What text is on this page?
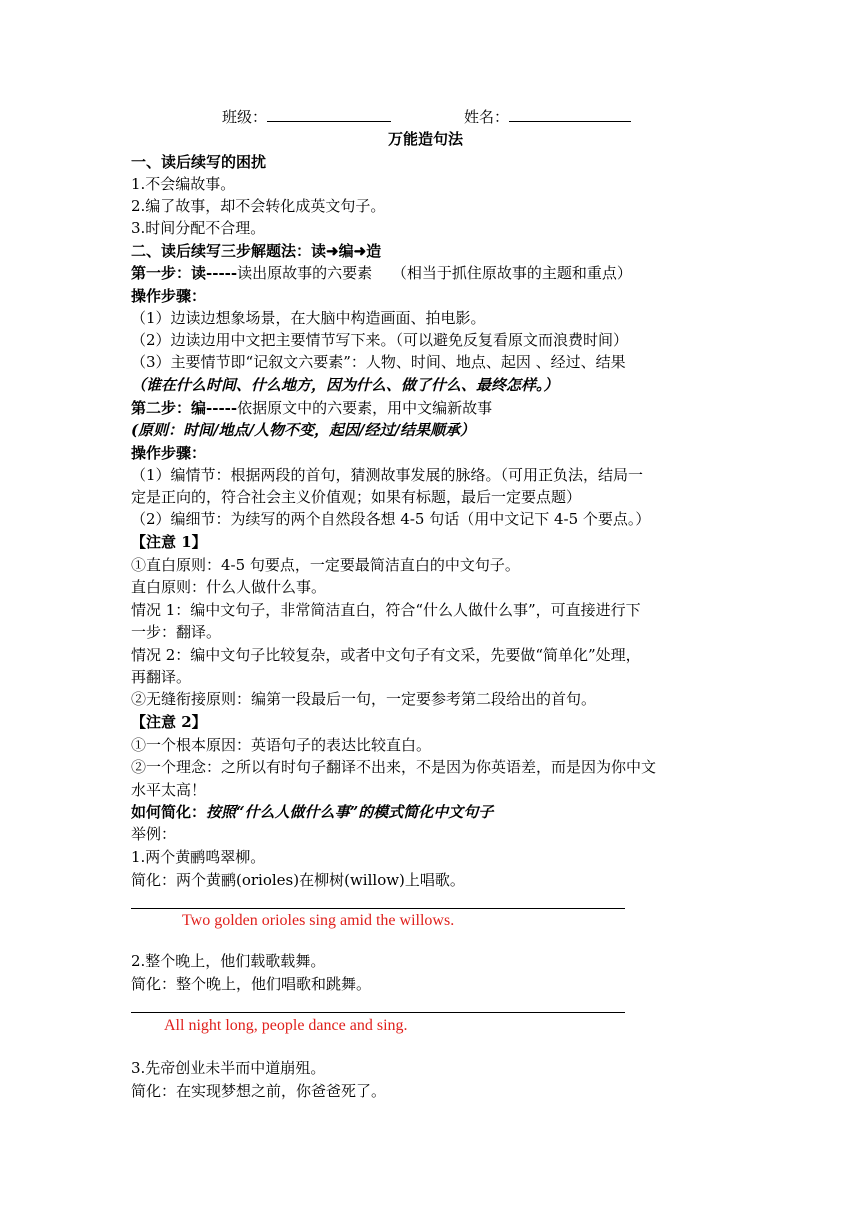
班级：	姓名：
万能造句法
一、读后续写的困扰
1.不会编故事。
2.编了故事，却不会转化成英文句子。
3.时间分配不合理。
二、读后续写三步解题法：读➜编➜造
第一步：读-----读出原故事的六要素　 （相当于抓住原故事的主题和重点）
操作步骤：
（1）边读边想象场景，在大脑中构造画面、拍电影。
（2）边读边用中文把主要情节写下来。（可以避免反复看原文而浪费时间）
（3）主要情节即“记叙文六要素”：人物、时间、地点、起因 、经过、结果
（谁在什么时间、什么地方，因为什么、做了什么、最终怎样。）
第二步：编-----依据原文中的六要素，用中文编新故事
(原则：时间/地点/人物不变，起因/经过/结果顺承）
操作步骤：
（1）编情节：根据两段的首句，猜测故事发展的脉络。（可用正负法，结局一
定是正向的，符合社会主义价值观；如果有标题，最后一定要点题）
（2）编细节：为续写的两个自然段各想 4-5 句话（用中文记下 4-5 个要点。）
【注意 1】
①直白原则：4-5 句要点，一定要最简洁直白的中文句子。
直白原则：什么人做什么事。
情况 1：编中文句子，非常简洁直白，符合“什么人做什么事”，可直接进行下
一步：翻译。
情况 2：编中文句子比较复杂，或者中文句子有文采，先要做“简单化”处理，
再翻译。
②无缝衔接原则：编第一段最后一句，一定要参考第二段给出的首句。
【注意 2】
①一个根本原因：英语句子的表达比较直白。
②一个理念：之所以有时句子翻译不出来，不是因为你英语差，而是因为你中文
水平太高！
如何简化：按照“什么人做什么事”的模式简化中文句子
举例：
1.两个黄鹂鸣翠柳。
简化：两个黄鹂(orioles)在柳树(willow)上唱歌。
Two golden orioles sing amid the willows.
2.整个晚上，他们载歌载舞。
简化：整个晚上，他们唱歌和跳舞。
All night long, people dance and sing.
3.先帝创业未半而中道崩殂。
简化：在实现梦想之前，你爸爸死了。
